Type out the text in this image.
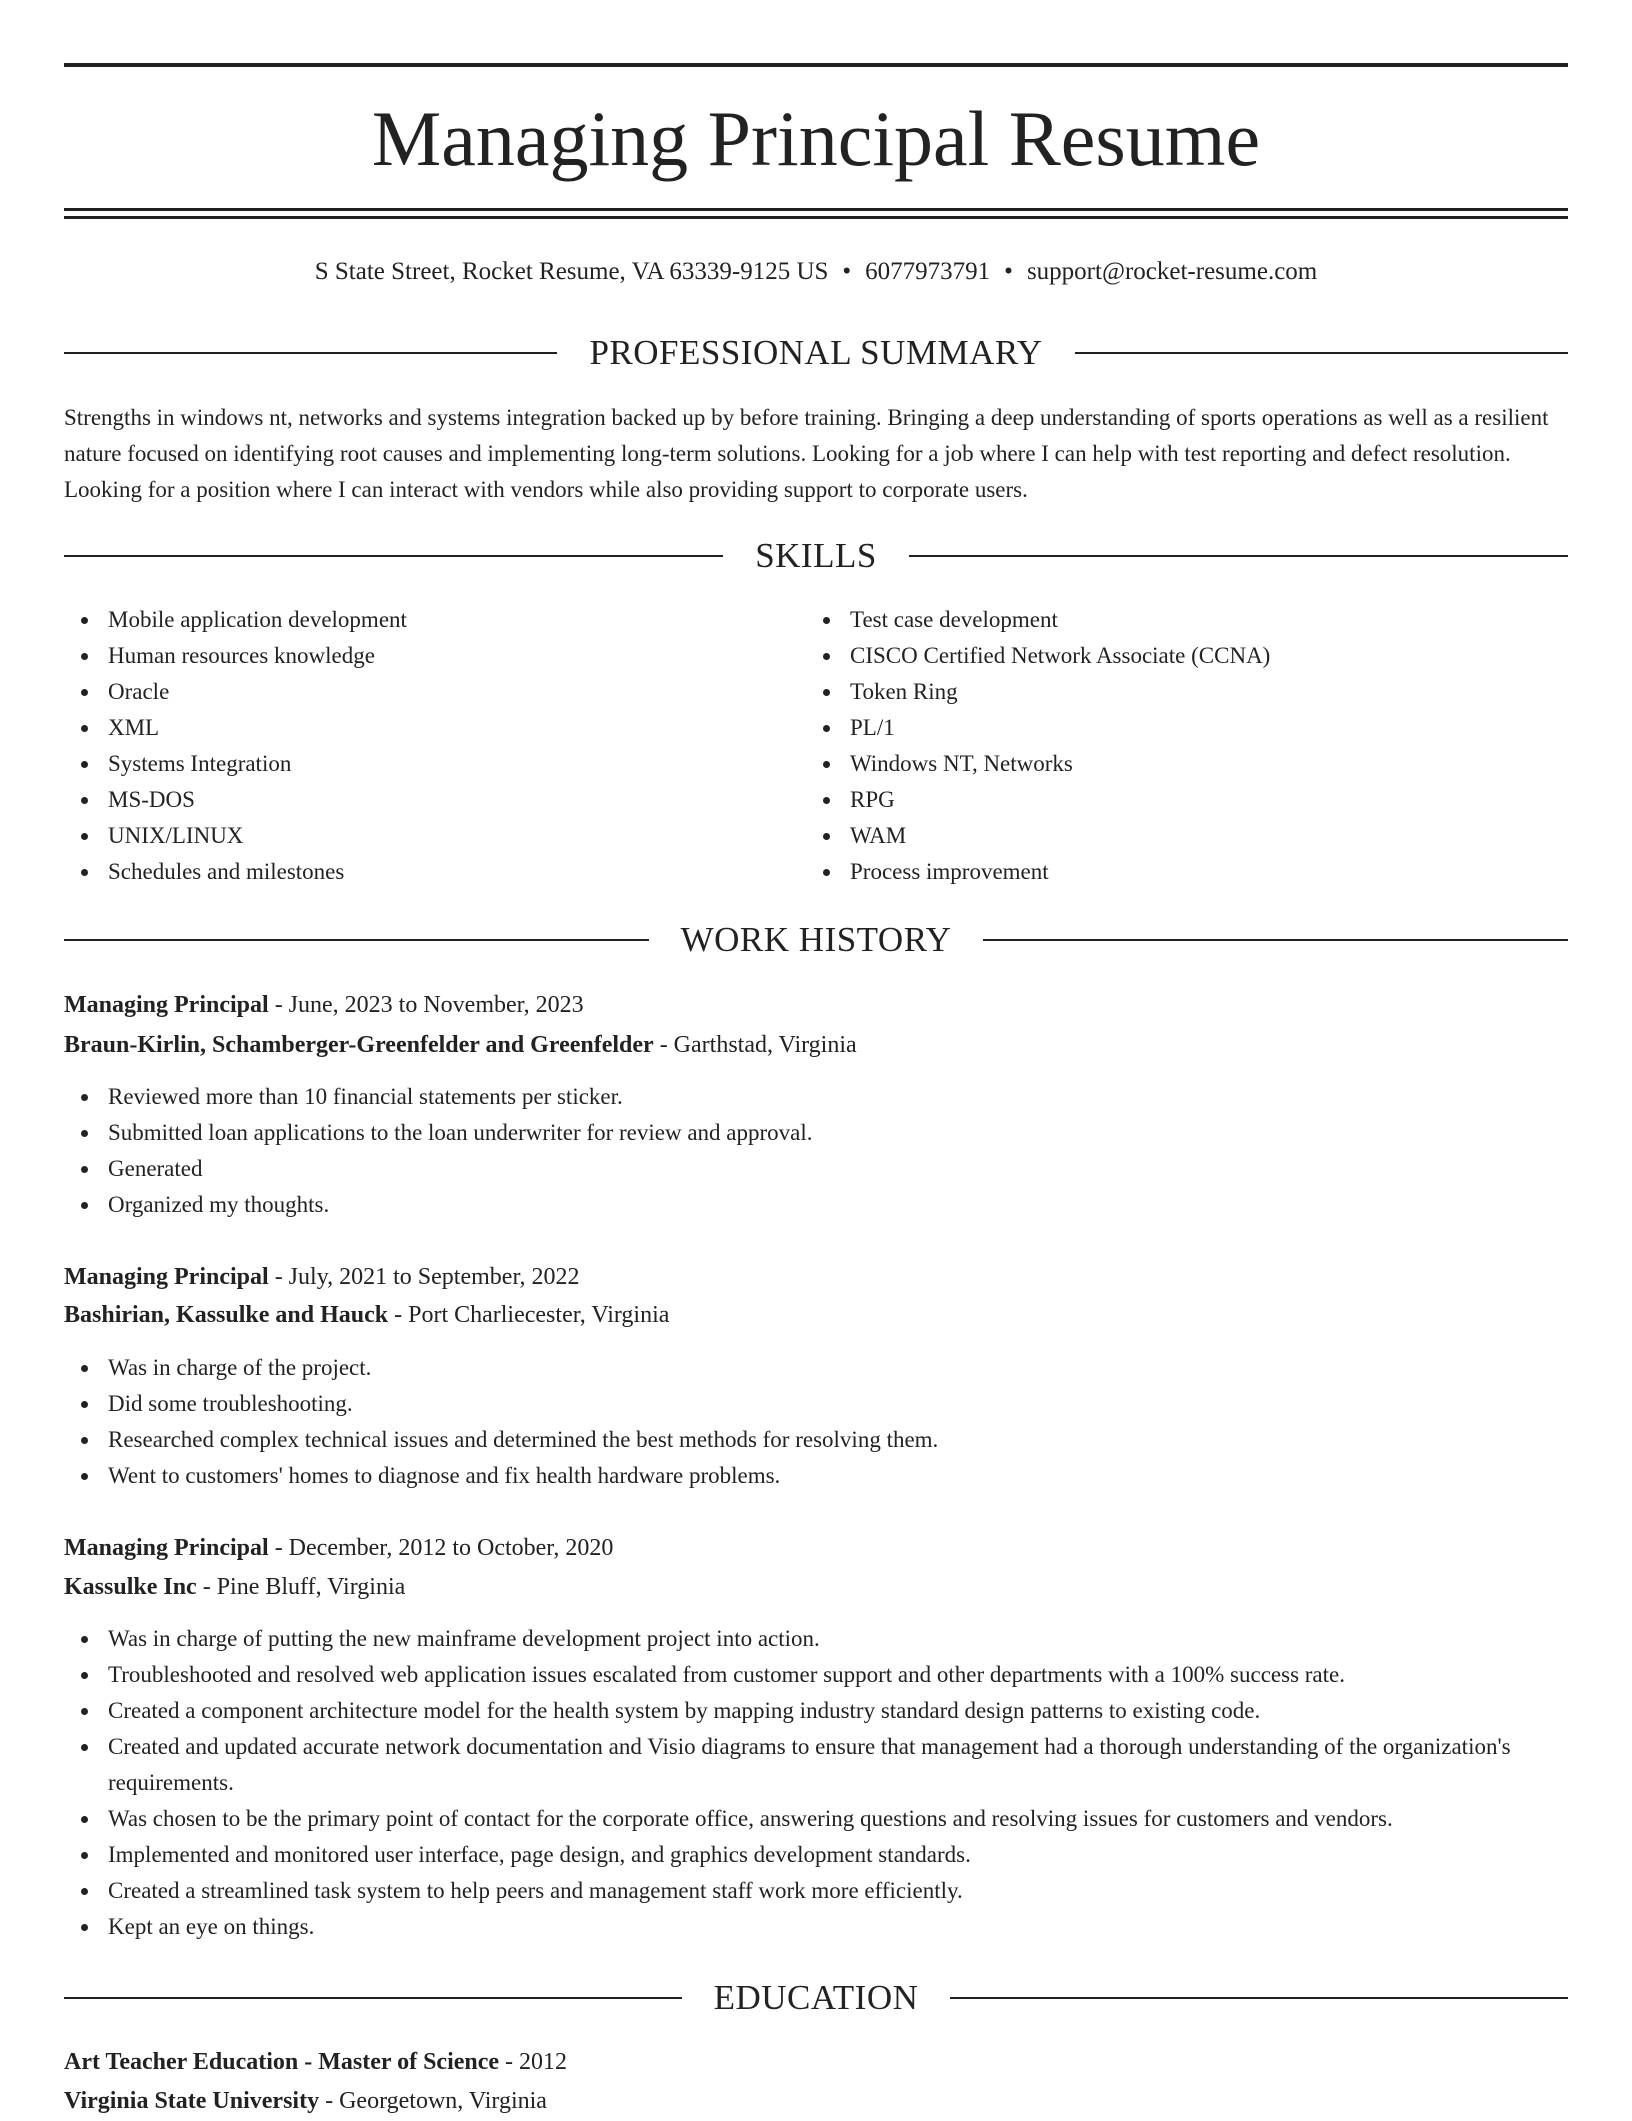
Managing Principal Resume
S State Street, Rocket Resume, VA 63339-9125 US • 6077973791 • support@rocket-resume.com
PROFESSIONAL SUMMARY

Strengths in windows nt, networks and systems integration backed up by before training. Bringing a deep understanding of sports operations as well as a resilient nature focused on identifying root causes and implementing long-term solutions. Looking for a job where I can help with test reporting and defect resolution. Looking for a position where I can interact with vendors while also providing support to corporate users.

SKILLS
Mobile application development
Human resources knowledge
Oracle
XML
Systems Integration
MS-DOS
UNIX/LINUX
Schedules and milestones
Test case development
CISCO Certified Network Associate (CCNA)
Token Ring
PL/1
Windows NT, Networks
RPG
WAM
Process improvement
WORK HISTORY
Managing Principal - June, 2023 to November, 2023
Braun-Kirlin, Schamberger-Greenfelder and Greenfelder - Garthstad, Virginia
Reviewed more than 10 financial statements per sticker.
Submitted loan applications to the loan underwriter for review and approval.
Generated
Organized my thoughts.
Managing Principal - July, 2021 to September, 2022
Bashirian, Kassulke and Hauck - Port Charliecester, Virginia
Was in charge of the project.
Did some troubleshooting.
Researched complex technical issues and determined the best methods for resolving them.
Went to customers' homes to diagnose and fix health hardware problems.
Managing Principal - December, 2012 to October, 2020
Kassulke Inc - Pine Bluff, Virginia
Was in charge of putting the new mainframe development project into action.
Troubleshooted and resolved web application issues escalated from customer support and other departments with a 100% success rate.
Created a component architecture model for the health system by mapping industry standard design patterns to existing code.
Created and updated accurate network documentation and Visio diagrams to ensure that management had a thorough understanding of the organization's requirements.
Was chosen to be the primary point of contact for the corporate office, answering questions and resolving issues for customers and vendors.
Implemented and monitored user interface, page design, and graphics development standards.
Created a streamlined task system to help peers and management staff work more efficiently.
Kept an eye on things.
EDUCATION
Art Teacher Education - Master of Science - 2012
Virginia State University - Georgetown, Virginia
